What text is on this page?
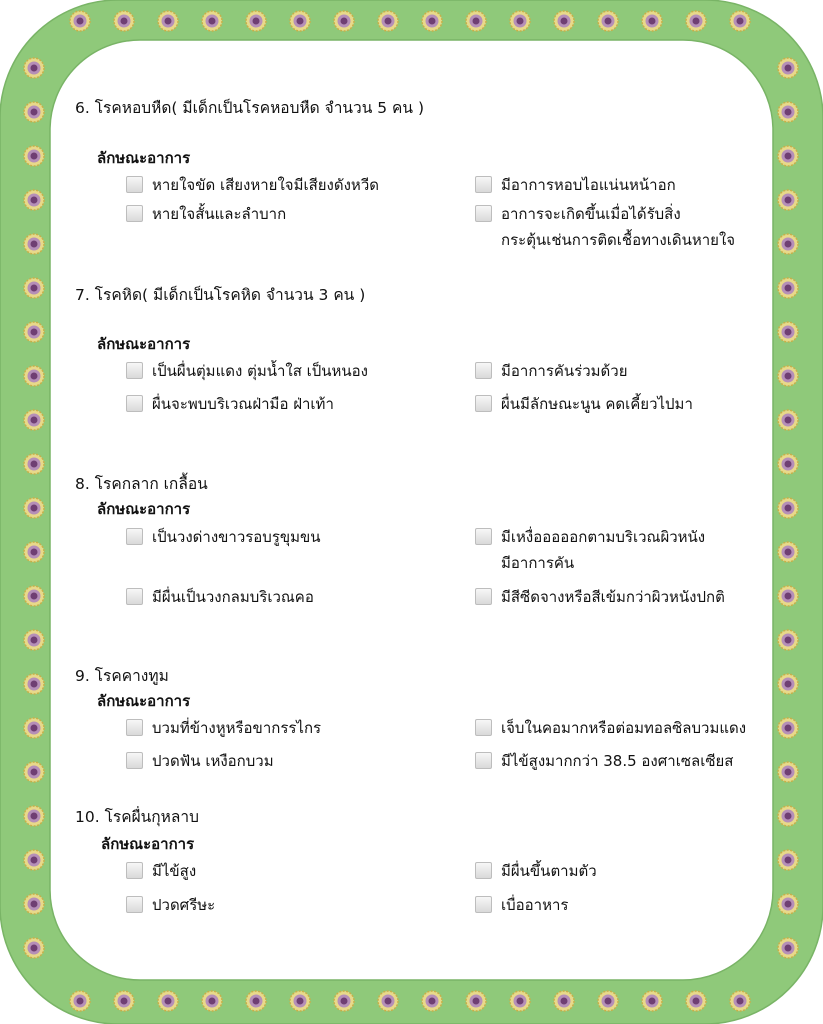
6. โรคหอบหืด( มีเด็กเป็นโรคหอบหืด จำนวน 5 คน )
ลักษณะอาการ
หายใจขัด เสียงหายใจมีเสียงดังหวีด	มีอาการหอบไอแน่นหน้าอก
หายใจสั้นและลำบาก	อาการจะเกิดขึ้นเมื่อได้รับสิ่ง
กระตุ้นเช่นการติดเชื้อทางเดินหายใจ
7. โรคหิด( มีเด็กเป็นโรคหิด จำนวน 3 คน )
ลักษณะอาการ
เป็นผื่นตุ่มแดง ตุ่มน้ำใส เป็นหนอง	มีอาการคันร่วมด้วย
ผื่นจะพบบริเวณฝ่ามือ ฝ่าเท้า	ผื่นมีลักษณะนูน คดเคี้ยวไปมา
8. โรคกลาก เกลื้อน
ลักษณะอาการ
เป็นวงด่างขาวรอบรูขุมขน	มีเหงื่อออออกตามบริเวณผิวหนัง
มีอาการคัน
มีผื่นเป็นวงกลมบริเวณคอ	มีสีซีดจางหรือสีเข้มกว่าผิวหนังปกติ
9. โรคคางทูม
ลักษณะอาการ
บวมที่ข้างหูหรือขากรรไกร	เจ็บในคอมากหรือต่อมทอลซิลบวมแดง
ปวดฟัน เหงือกบวม	มีไข้สูงมากกว่า 38.5 องศาเซลเซียส
10. โรคผื่นกุหลาบ
ลักษณะอาการ
มีไข้สูง	มีผื่นขึ้นตามตัว
ปวดศรีษะ	เบื่ออาหาร
